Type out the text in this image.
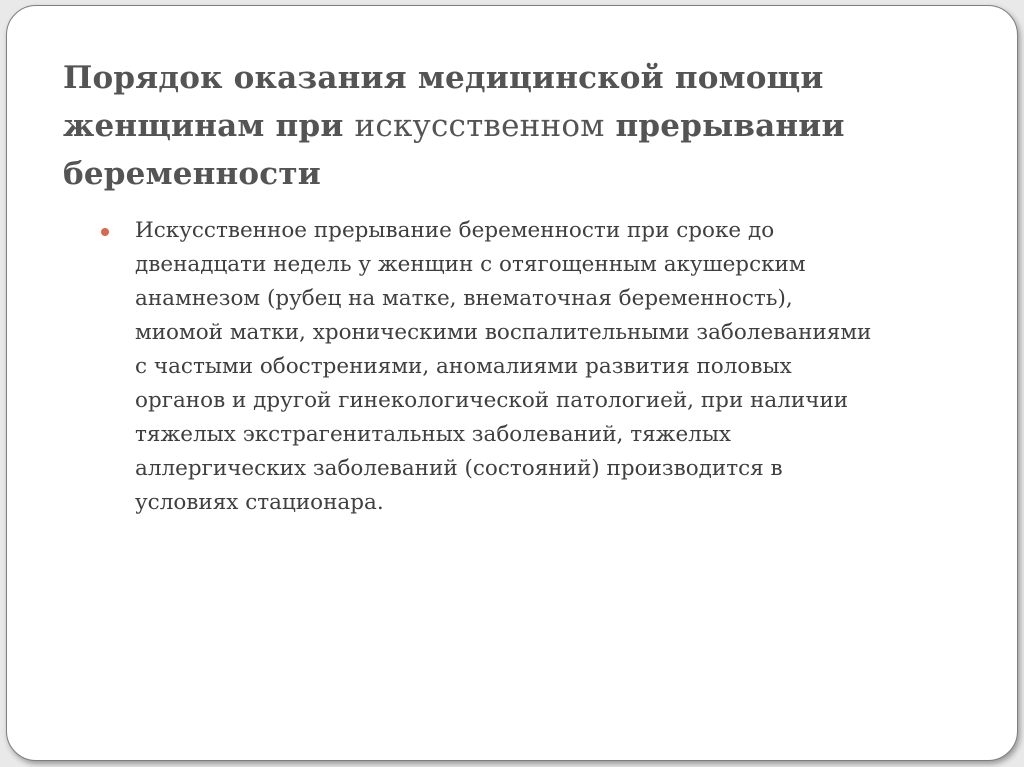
Порядок оказания медицинской помощи женщинам при искусственном прерывании беременности

Искусственное прерывание беременности при сроке до двенадцати недель у женщин с отягощенным акушерским анамнезом (рубец на матке, внематочная беременность), миомой матки, хроническими воспалительными заболеваниями с частыми обострениями, аномалиями развития половых органов и другой гинекологической патологией, при наличии тяжелых экстрагенитальных заболеваний, тяжелых аллергических заболеваний (состояний) производится в условиях стационара.
